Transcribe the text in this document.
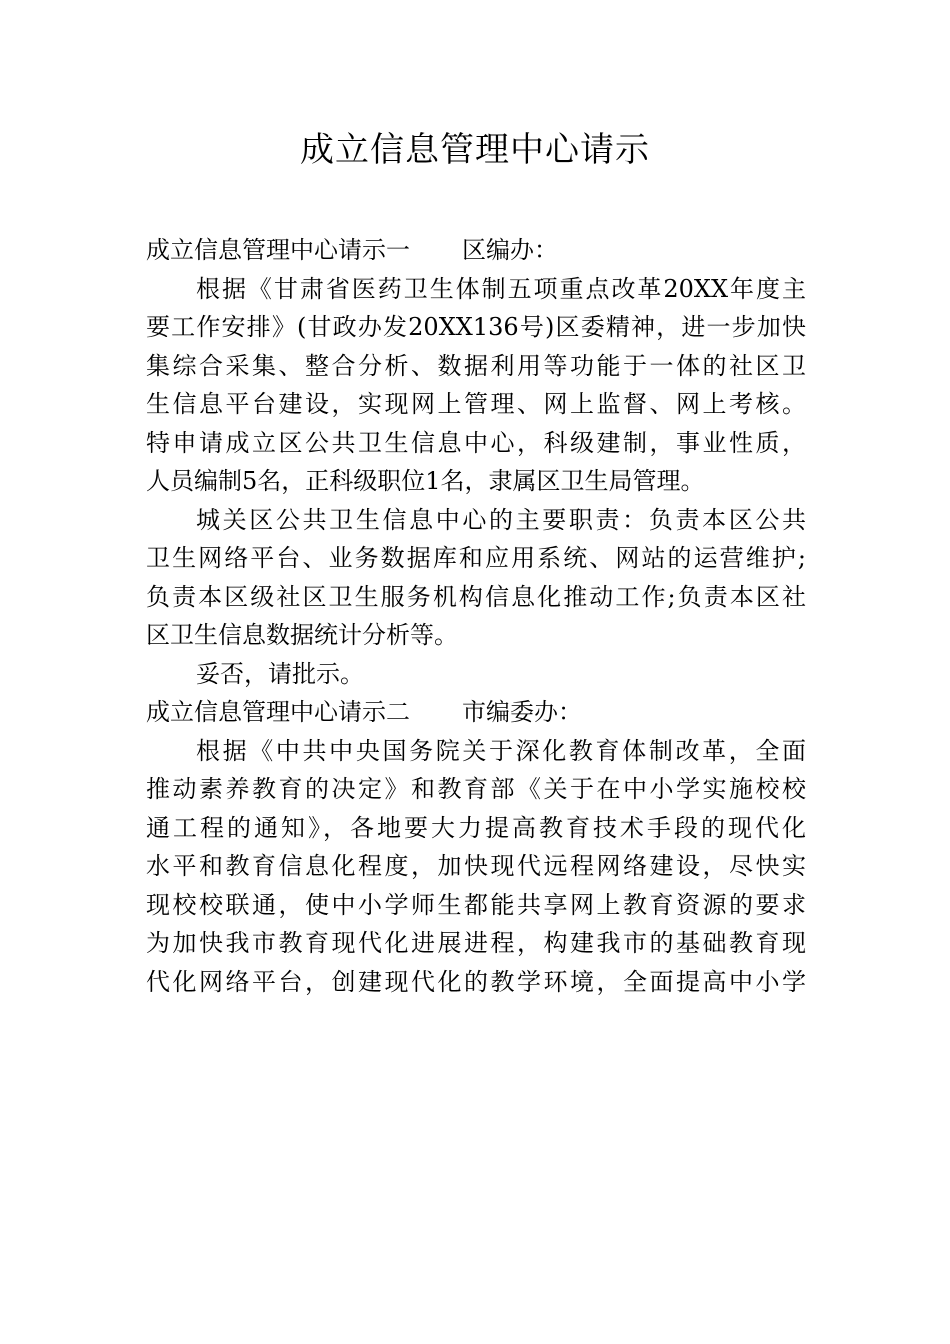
成立信息管理中心请示
成立信息管理中心请示一 区编办：
根据《甘肃省医药卫生体制五项重点改革20XX年度主
要工作安排》(甘政办发20XX136号)区委精神，进一步加快
集综合采集、整合分析、数据利用等功能于一体的社区卫
生信息平台建设，实现网上管理、网上监督、网上考核。
特申请成立区公共卫生信息中心，科级建制，事业性质，
人员编制5名，正科级职位1名，隶属区卫生局管理。
城关区公共卫生信息中心的主要职责：负责本区公共
卫生网络平台、业务数据库和应用系统、网站的运营维护;
负责本区级社区卫生服务机构信息化推动工作;负责本区社
区卫生信息数据统计分析等。
妥否，请批示。
成立信息管理中心请示二 市编委办：
根据《中共中央国务院关于深化教育体制改革，全面
推动素养教育的决定》和教育部《关于在中小学实施校校
通工程的通知》，各地要大力提高教育技术手段的现代化
水平和教育信息化程度，加快现代远程网络建设，尽快实
现校校联通，使中小学师生都能共享网上教育资源的要求
为加快我市教育现代化进展进程，构建我市的基础教育现
代化网络平台，创建现代化的教学环境，全面提高中小学
